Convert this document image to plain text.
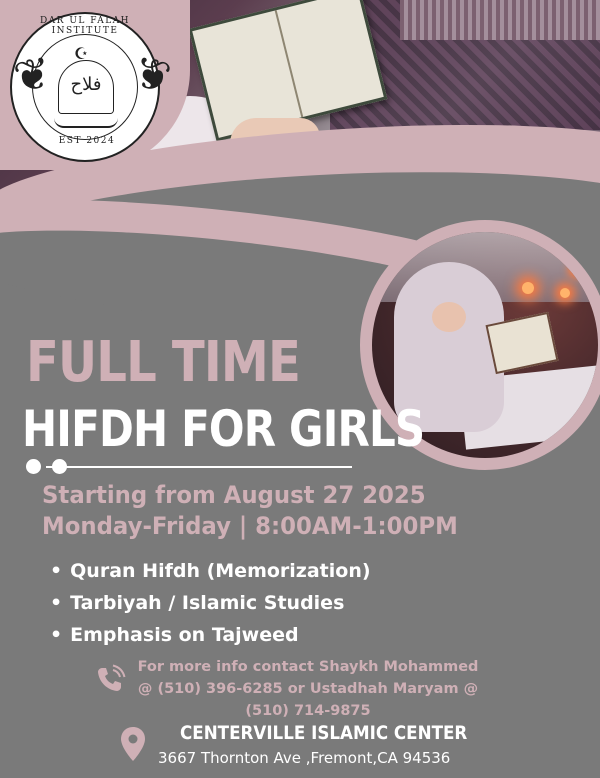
DAR UL FALAH INSTITUTE
☪
فلاح
❦ ❦
EST 2024
FULL TIME
HIFDH FOR GIRLS
Starting from August 27 2025
Monday-Friday | 8:00AM-1:00PM
• Quran Hifdh (Memorization)
• Tarbiyah / Islamic Studies
• Emphasis on Tajweed
For more info contact Shaykh Mohammed
@ (510) 396-6285 or Ustadhah Maryam @
(510) 714-9875
CENTERVILLE ISLAMIC CENTER
3667 Thornton Ave ,Fremont,CA 94536
